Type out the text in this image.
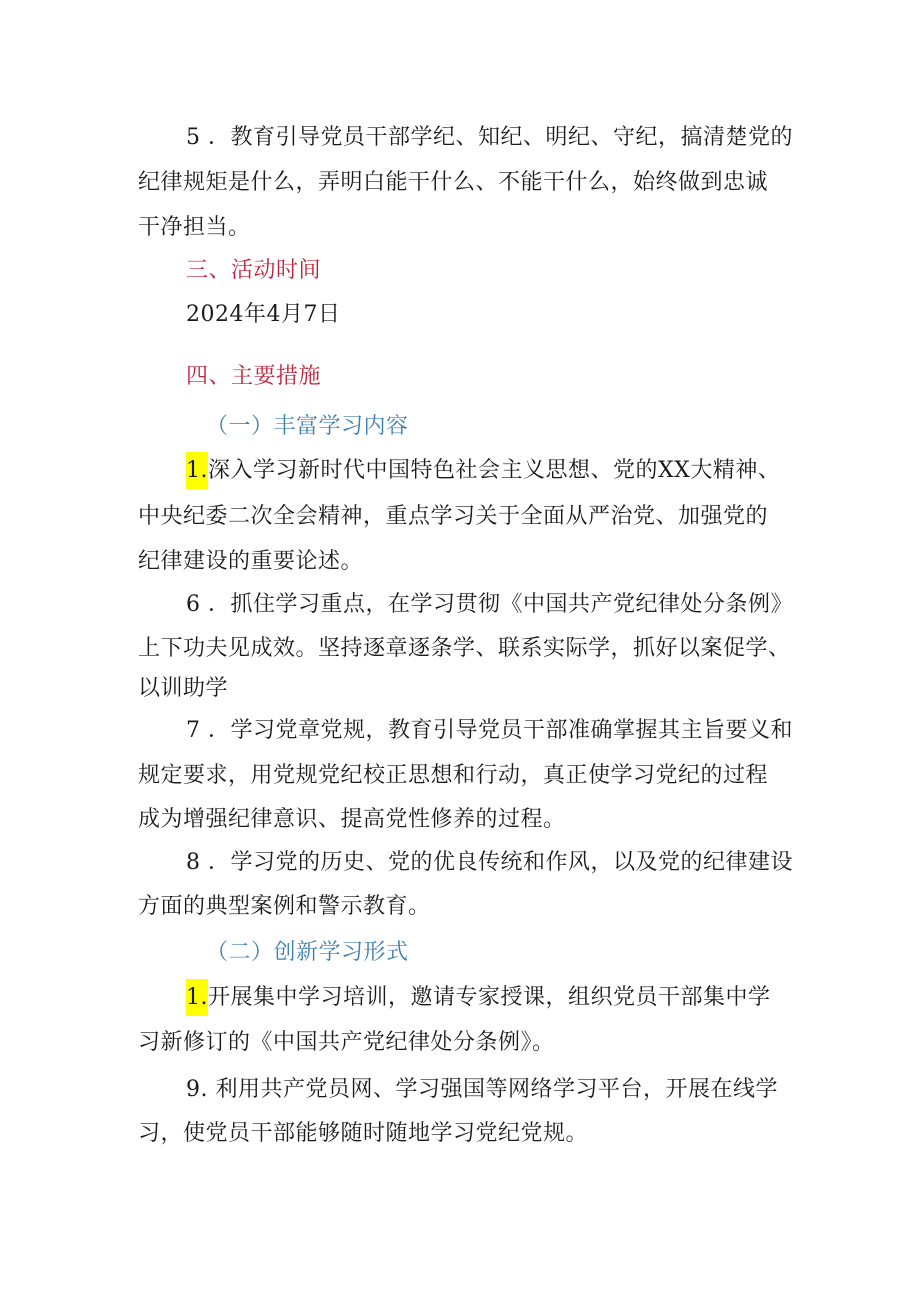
5 ．教育引导党员干部学纪、知纪、明纪、守纪，搞清楚党的
纪律规矩是什么，弄明白能干什么、不能干什么，始终做到忠诚
干净担当。
三、活动时间
2024年4月7日
四、主要措施
（一）丰富学习内容
1.深入学习新时代中国特色社会主义思想、党的XX大精神、
中央纪委二次全会精神，重点学习关于全面从严治党、加强党的
纪律建设的重要论述。
6 ．抓住学习重点，在学习贯彻《中国共产党纪律处分条例》
上下功夫见成效。坚持逐章逐条学、联系实际学，抓好以案促学、
以训助学
7 ．学习党章党规，教育引导党员干部准确掌握其主旨要义和
规定要求，用党规党纪校正思想和行动，真正使学习党纪的过程
成为增强纪律意识、提高党性修养的过程。
8 ．学习党的历史、党的优良传统和作风，以及党的纪律建设
方面的典型案例和警示教育。
（二）创新学习形式
1.开展集中学习培训，邀请专家授课，组织党员干部集中学
习新修订的《中国共产党纪律处分条例》。
9. 利用共产党员网、学习强国等网络学习平台，开展在线学
习，使党员干部能够随时随地学习党纪党规。
